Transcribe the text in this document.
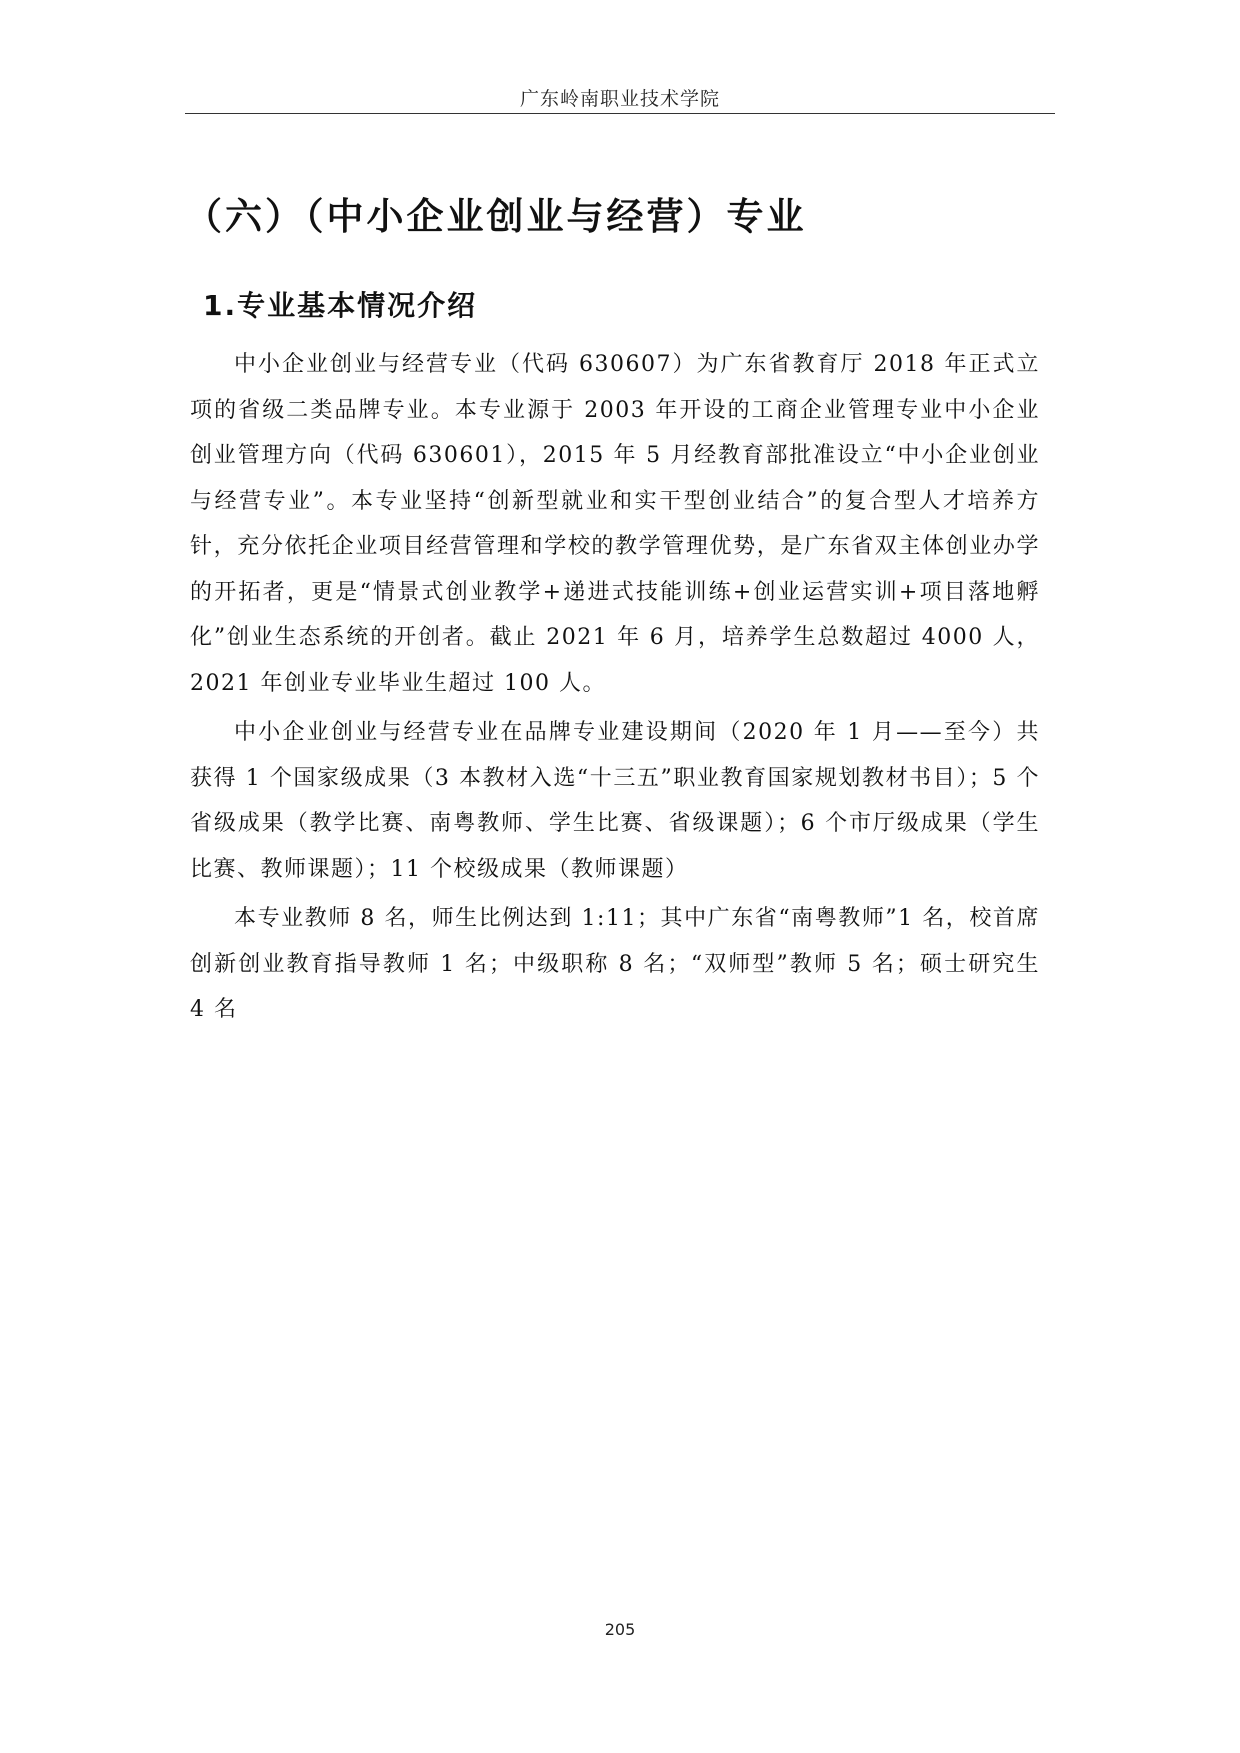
广东岭南职业技术学院
（六）（中小企业创业与经营）专业
1.专业基本情况介绍

中小企业创业与经营专业（代码 630607）为广东省教育厅 2018 年正式立项的省级二类品牌专业。本专业源于 2003 年开设的工商企业管理专业中小企业创业管理方向（代码 630601），2015 年 5 月经教育部批准设立“中小企业创业与经营专业”。本专业坚持“创新型就业和实干型创业结合”的复合型人才培养方针，充分依托企业项目经营管理和学校的教学管理优势，是广东省双主体创业办学的开拓者，更是“情景式创业教学+递进式技能训练+创业运营实训+项目落地孵化”创业生态系统的开创者。截止 2021 年 6 月，培养学生总数超过 4000 人，2021 年创业专业毕业生超过 100 人。

中小企业创业与经营专业在品牌专业建设期间（2020 年 1 月——至今）共获得 1 个国家级成果（3 本教材入选“十三五”职业教育国家规划教材书目）；5 个省级成果（教学比赛、南粤教师、学生比赛、省级课题）；6 个市厅级成果（学生比赛、教师课题）；11 个校级成果（教师课题）

本专业教师 8 名，师生比例达到 1:11；其中广东省“南粤教师”1 名，校首席创新创业教育指导教师 1 名；中级职称 8 名；“双师型”教师 5 名；硕士研究生 4 名

205
